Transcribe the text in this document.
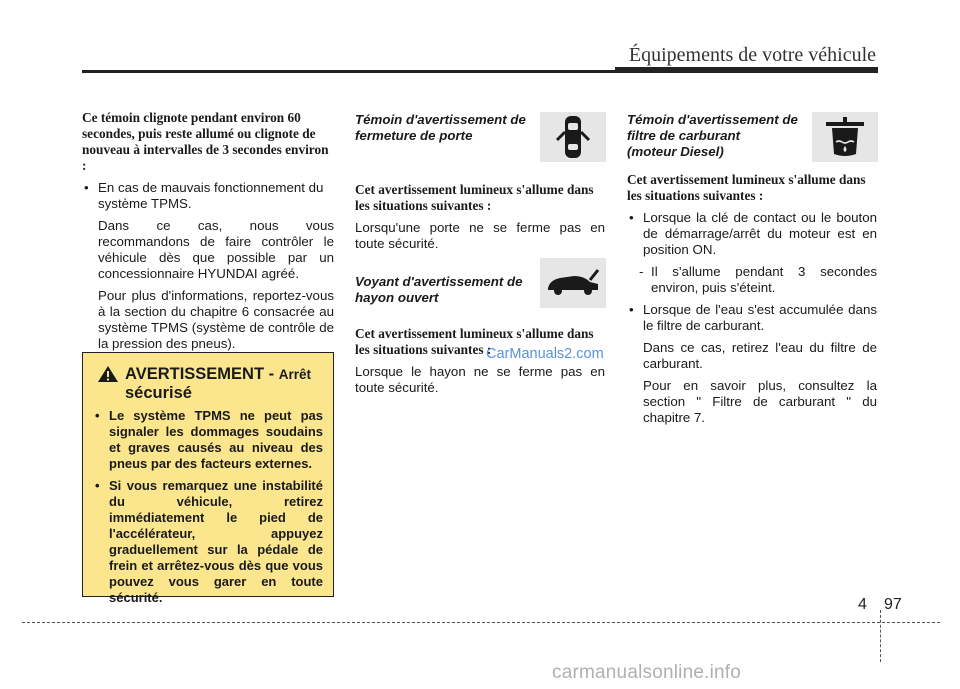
Équipements de votre véhicule

Ce témoin clignote pendant environ 60 secondes, puis reste allumé ou clignote de nouveau à intervalles de 3 secondes environ :

• En cas de mauvais fonctionnement du système TPMS.
Dans ce cas, nous vous recommandons de faire contrôler le véhicule dès que possible par un concessionnaire HYUNDAI agréé.
Pour plus d'informations, reportez-vous à la section du chapitre 6 consacrée au système TPMS (système de contrôle de la pression des pneus).
AVERTISSEMENT - Arrêt
sécurisé
• Le système TPMS ne peut pas signaler les dommages soudains et graves causés au niveau des pneus par des facteurs externes.
• Si vous remarquez une instabilité du véhicule, retirez immédiatement le pied de l'accélérateur, appuyez graduellement sur la pédale de frein et arrêtez-vous dès que vous pouvez vous garer en toute sécurité.
Témoin d'avertissement de fermeture de porte

Cet avertissement lumineux s'allume dans les situations suivantes :

Lorsqu'une porte ne se ferme pas en toute sécurité.

Voyant d'avertissement de hayon ouvert

Cet avertissement lumineux s'allume dans les situations suivantes :

Lorsque le hayon ne se ferme pas en toute sécurité.

Témoin d'avertissement de
filtre de carburant
(moteur Diesel)

Cet avertissement lumineux s'allume dans les situations suivantes :

• Lorsque la clé de contact ou le bouton de démarrage/arrêt du moteur est en position ON.
- Il s'allume pendant 3 secondes environ, puis s'éteint.
• Lorsque de l'eau s'est accumulée dans le filtre de carburant.
Dans ce cas, retirez l'eau du filtre de carburant.
Pour en savoir plus, consultez la section " Filtre de carburant " du chapitre 7.
CarManuals2.com
4 97
carmanualsonline.info
